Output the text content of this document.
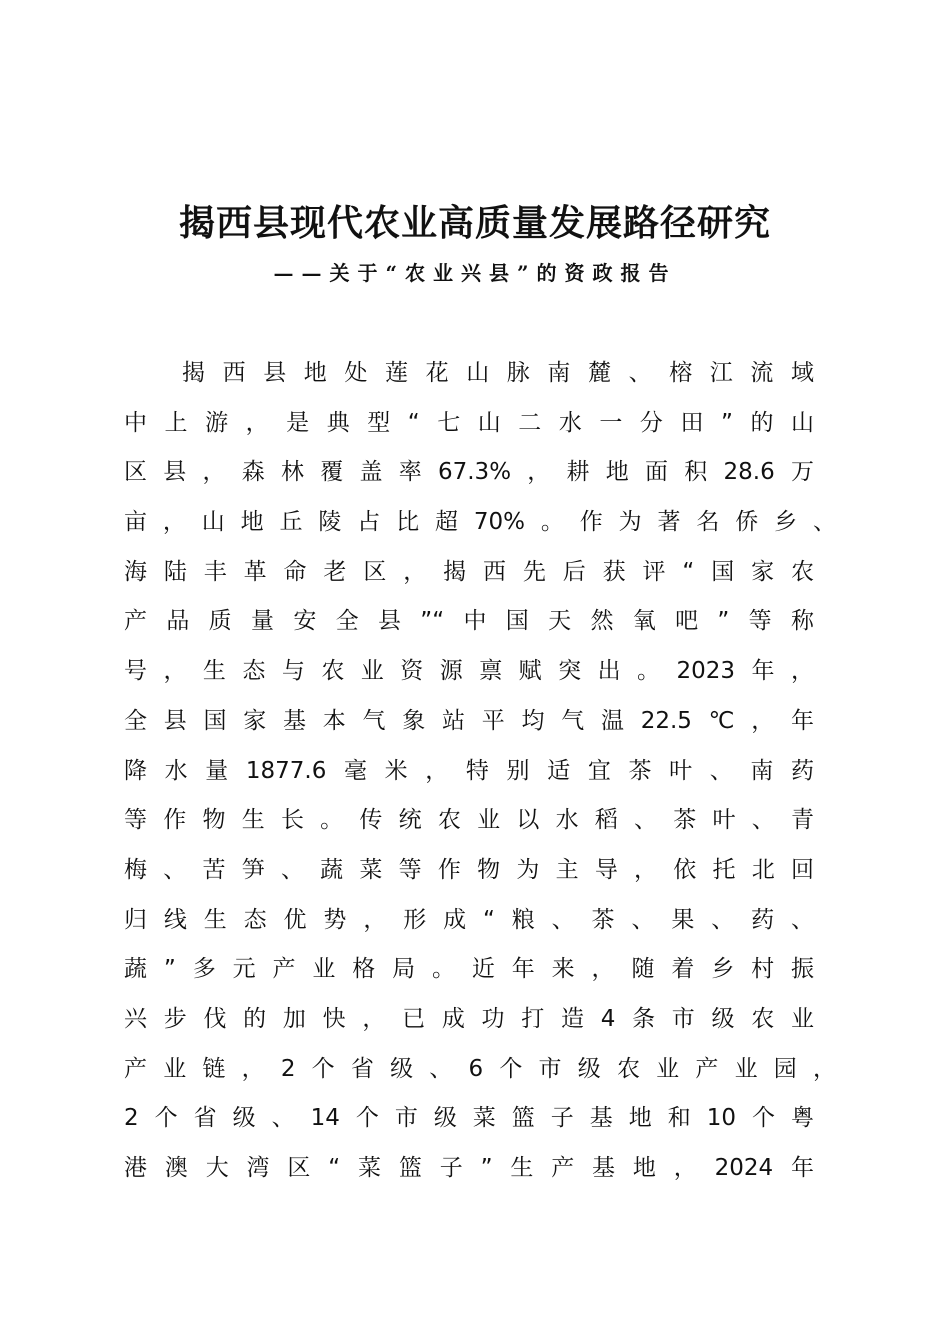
揭西县现代农业高质量发展路径研究
——关于“农业兴县”的资政报告
揭西县地处莲花山脉南麓、榕江流域
中上游，是典型“七山二水一分田”的山
区县，森林覆盖率67.3%，耕地面积28.6万
亩，山地丘陵占比超70%。作为著名侨乡、
海陆丰革命老区，揭西先后获评“国家农
产品质量安全县”“中国天然氧吧”等称
号，生态与农业资源禀赋突出。2023年，
全县国家基本气象站平均气温22.5℃，年
降水量1877.6毫米，特别适宜茶叶、南药
等作物生长。传统农业以水稻、茶叶、青
梅、苦笋、蔬菜等作物为主导，依托北回
归线生态优势，形成“粮、茶、果、药、
蔬”多元产业格局。近年来，随着乡村振
兴步伐的加快，已成功打造4条市级农业
产业链，2个省级、6个市级农业产业园，
2个省级、14个市级菜篮子基地和10个粤
港澳大湾区“菜篮子”生产基地，2024年
